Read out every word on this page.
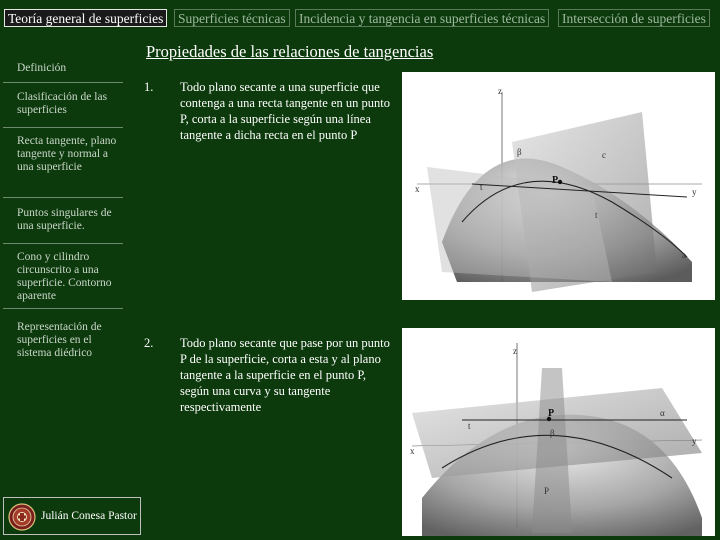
Teoría general de superficies Superficies técnicas Incidencia y tangencia en superficies técnicas Intersección de superficies
Definición
Clasificación de las superficies
Recta tangente, plano tangente y normal a una superficie
Puntos singulares de una superficie.
Cono y cilindro circunscrito a una superficie. Contorno aparente
Representación de superficies en el sistema diédrico
Julián Conesa Pastor
Propiedades de las relaciones de tangencias
1. Todo plano secante a una superficie que contenga a una recta tangente en un punto P, corta a la superficie según una línea tangente a dicha recta en el punto P
2. Todo plano secante que pase por un punto P de la superficie, corta a esta y al plano tangente a la superficie en el punto P, según una curva y su tangente respectivamente
z
x	y
P
t
t
β	c
a
z
x
y
P
t
α
β
P
